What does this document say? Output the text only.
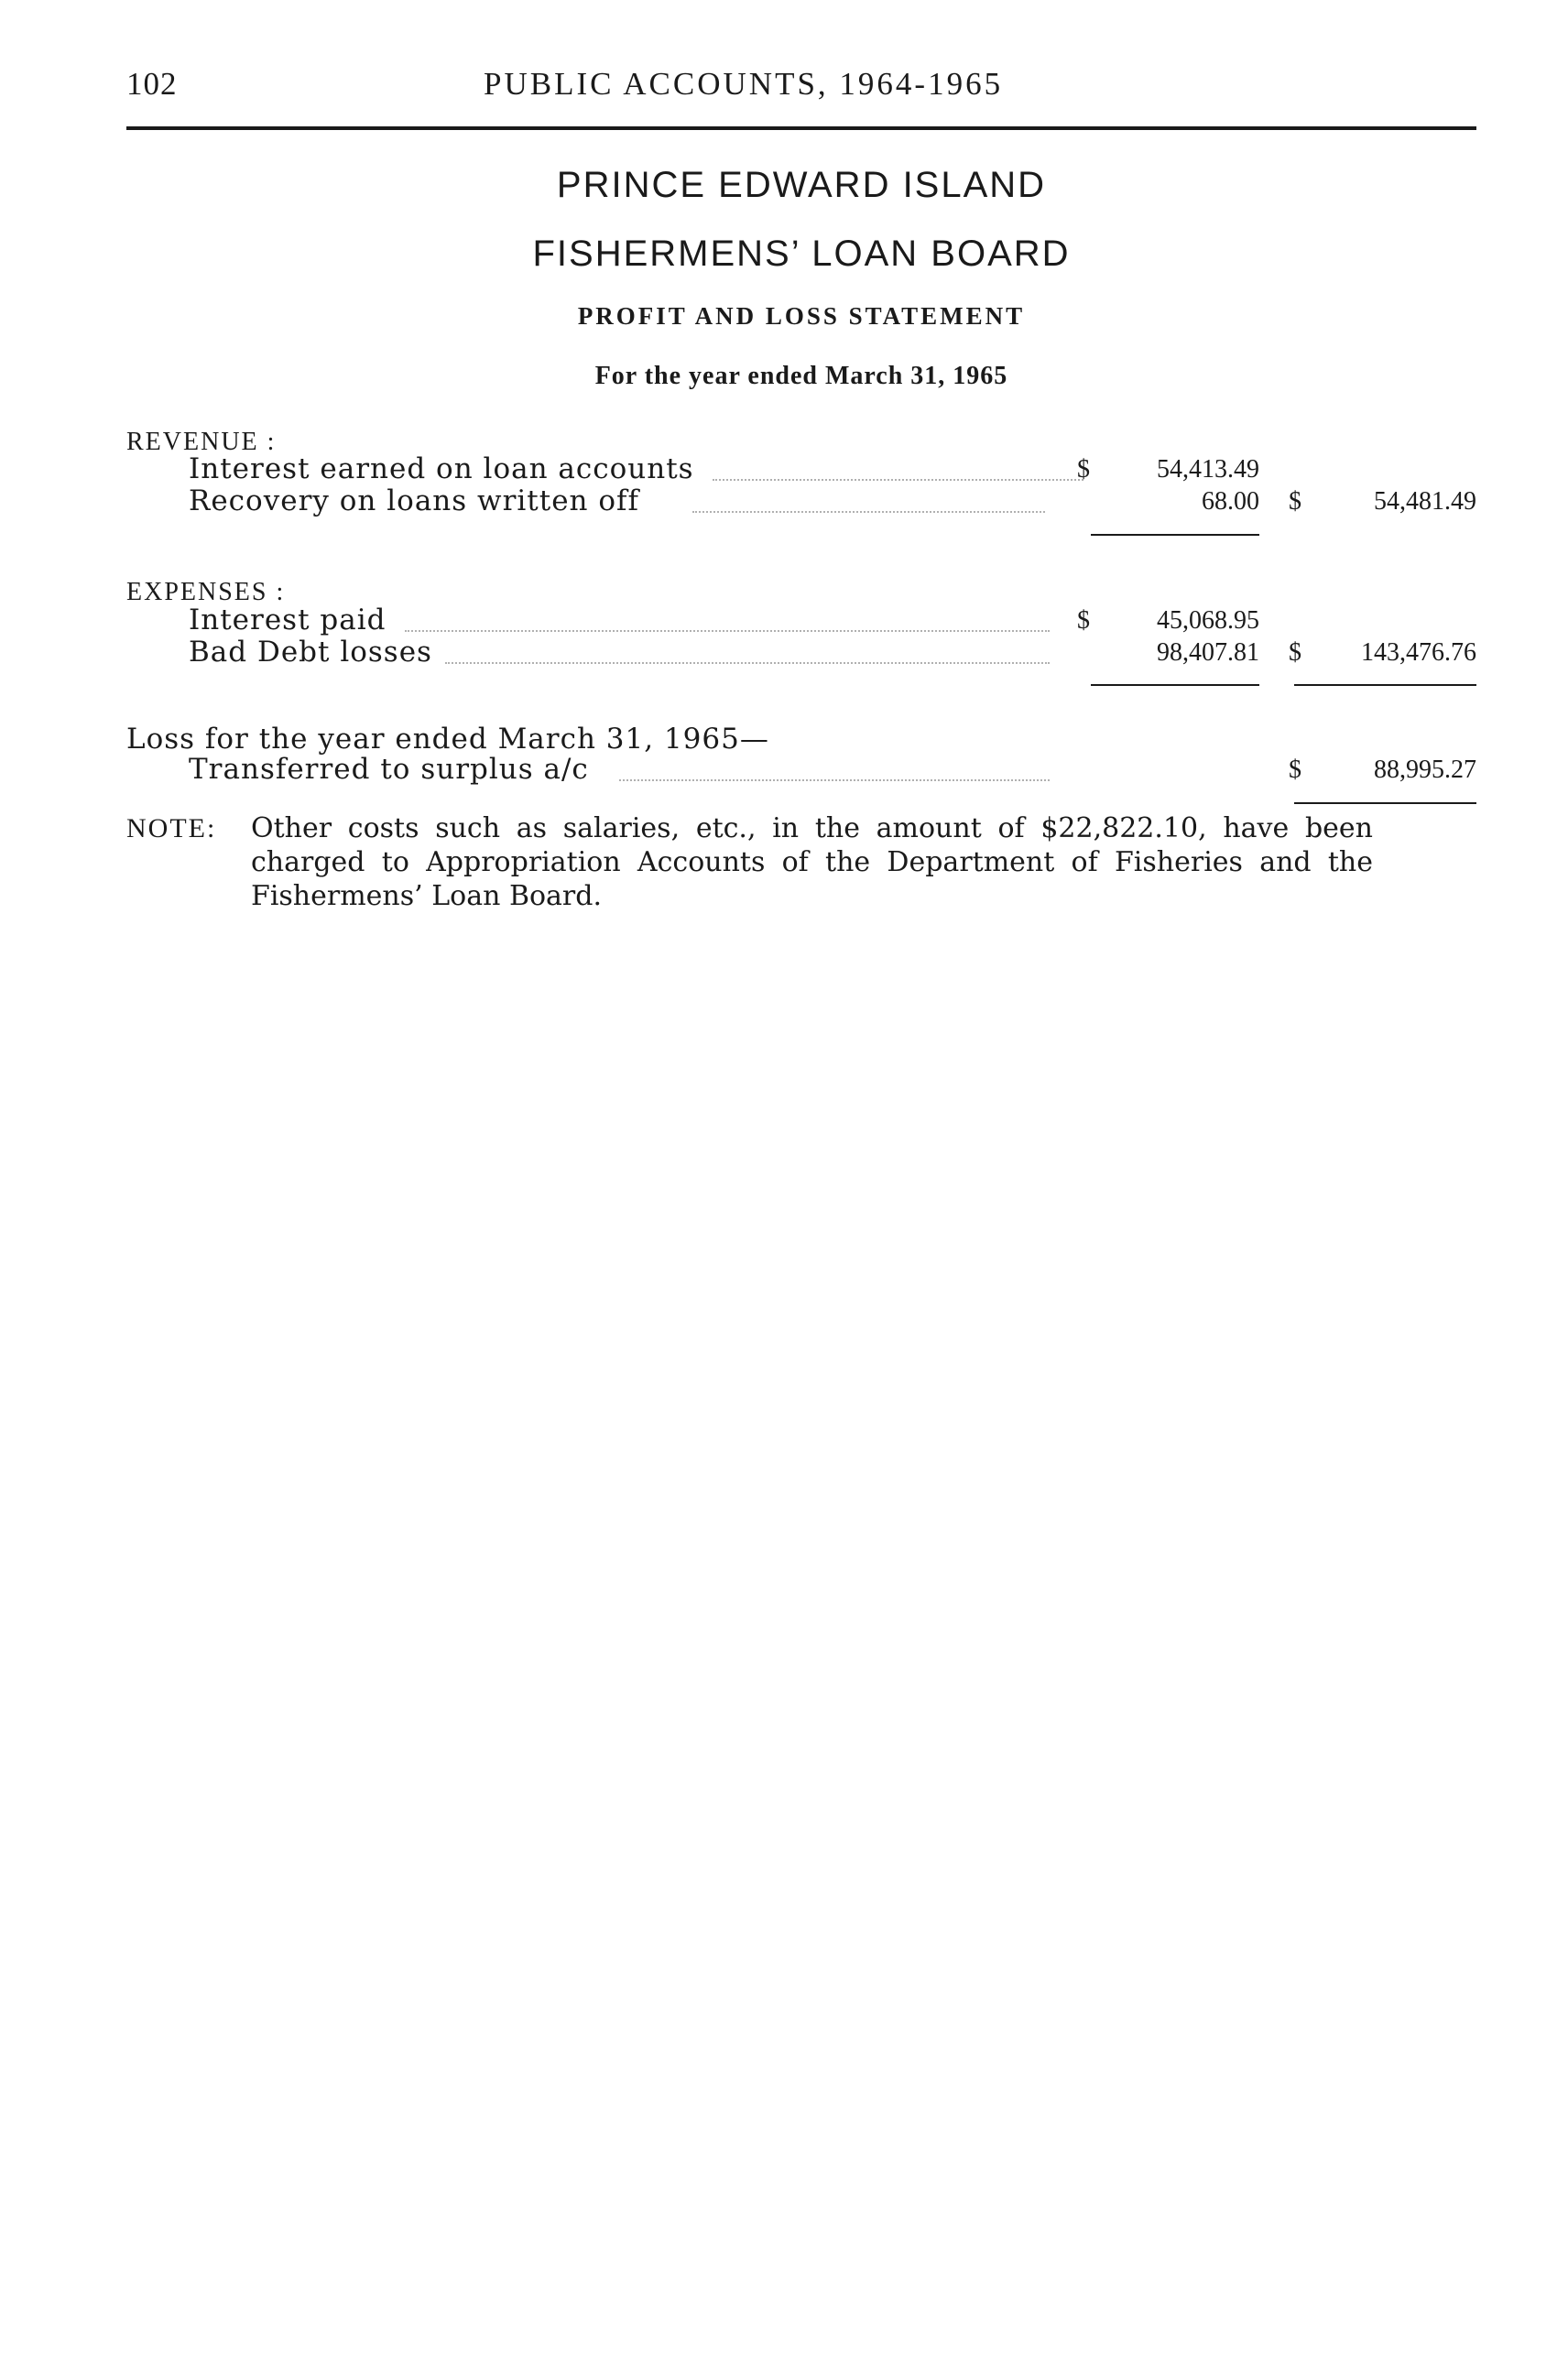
102	PUBLIC ACCOUNTS, 1964-1965
PRINCE EDWARD ISLAND
FISHERMENS’ LOAN BOARD
PROFIT AND LOSS STATEMENT
For the year ended March 31, 1965
REVENUE :
Interest earned on loan accounts	$	54,413.49
Recovery on loans written off	68.00 $	54,481.49
EXPENSES :
Interest paid	$	45,068.95
Bad Debt losses	98,407.81 $	143,476.76
Loss for the year ended March 31, 1965—
Transferred to surplus a/c	$	88,995.27
NOTE: Other costs such as salaries, etc., in the amount of $22,822.10, have been charged to Appropriation Accounts of the Department of Fisheries and the Fishermens’ Loan Board.
